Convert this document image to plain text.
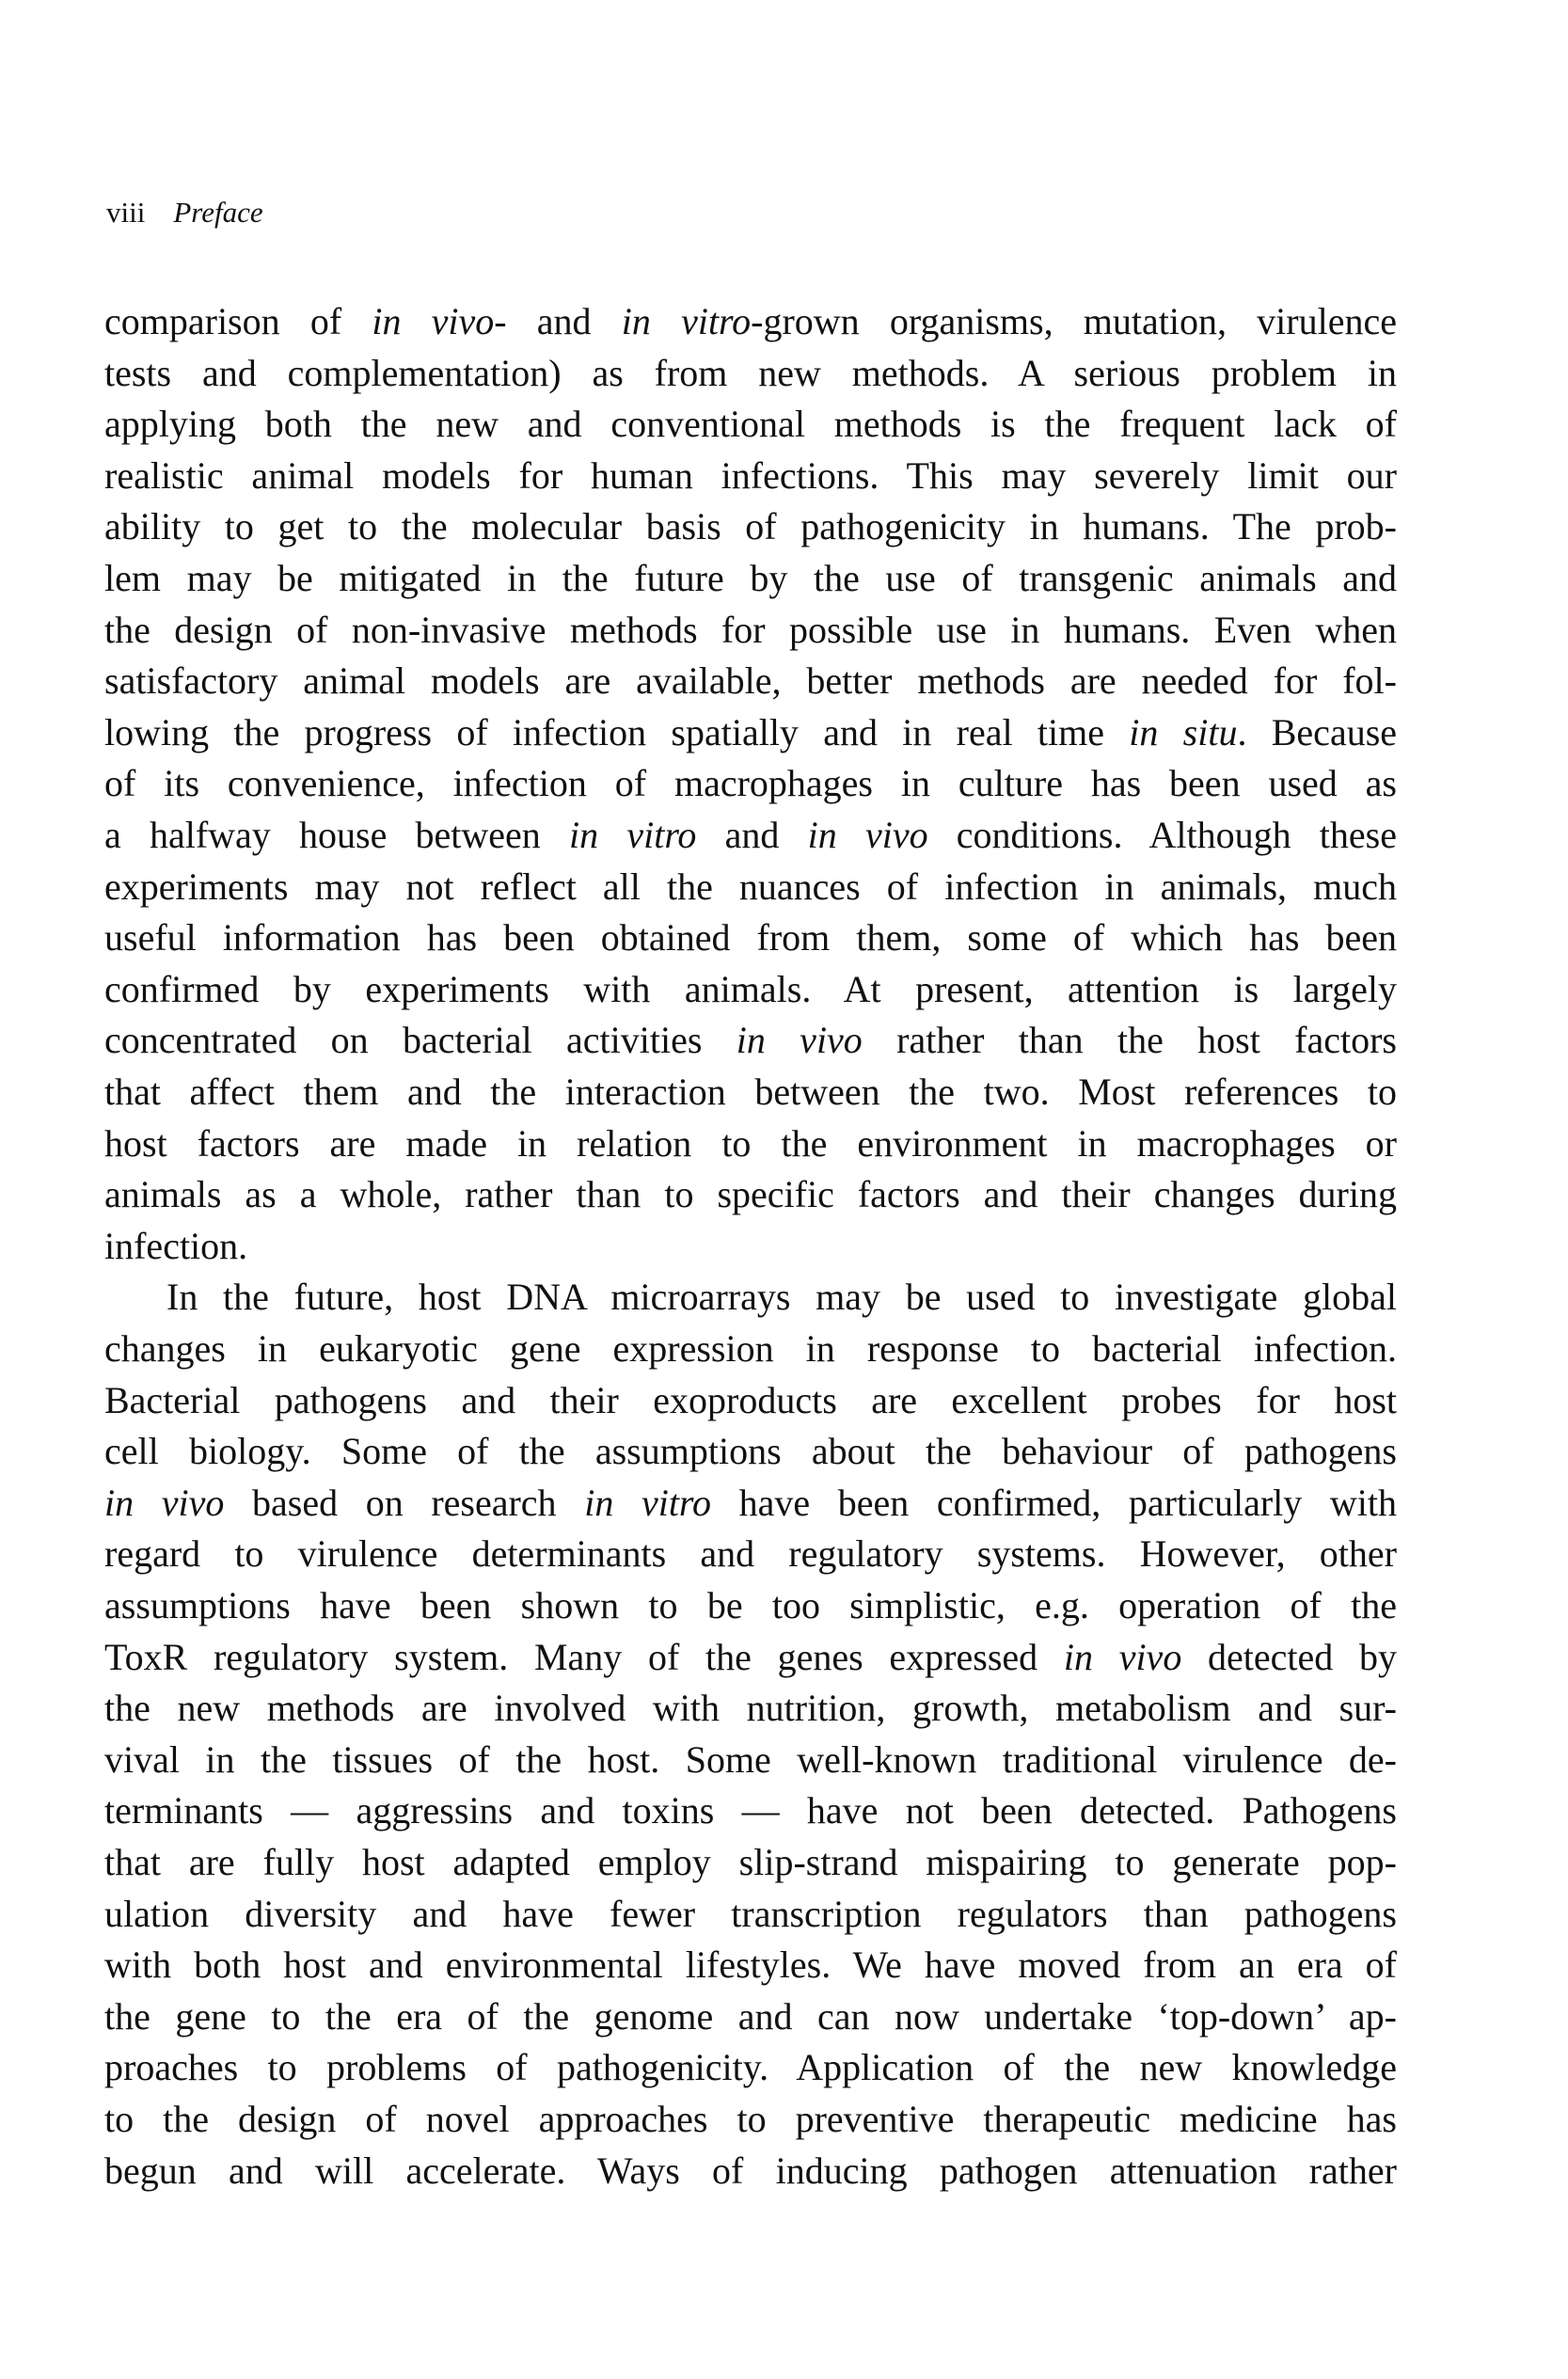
viii Preface
comparison of in vivo- and in vitro-grown organisms, mutation, virulence
tests and complementation) as from new methods. A serious problem in
applying both the new and conventional methods is the frequent lack of
realistic animal models for human infections. This may severely limit our
ability to get to the molecular basis of pathogenicity in humans. The prob-
lem may be mitigated in the future by the use of transgenic animals and
the design of non-invasive methods for possible use in humans. Even when
satisfactory animal models are available, better methods are needed for fol-
lowing the progress of infection spatially and in real time in situ. Because
of its convenience, infection of macrophages in culture has been used as
a halfway house between in vitro and in vivo conditions. Although these
experiments may not reflect all the nuances of infection in animals, much
useful information has been obtained from them, some of which has been
confirmed by experiments with animals. At present, attention is largely
concentrated on bacterial activities in vivo rather than the host factors
that affect them and the interaction between the two. Most references to
host factors are made in relation to the environment in macrophages or
animals as a whole, rather than to specific factors and their changes during
infection.
In the future, host DNA microarrays may be used to investigate global
changes in eukaryotic gene expression in response to bacterial infection.
Bacterial pathogens and their exoproducts are excellent probes for host
cell biology. Some of the assumptions about the behaviour of pathogens
in vivo based on research in vitro have been confirmed, particularly with
regard to virulence determinants and regulatory systems. However, other
assumptions have been shown to be too simplistic, e.g. operation of the
ToxR regulatory system. Many of the genes expressed in vivo detected by
the new methods are involved with nutrition, growth, metabolism and sur-
vival in the tissues of the host. Some well-known traditional virulence de-
terminants — aggressins and toxins — have not been detected. Pathogens
that are fully host adapted employ slip-strand mispairing to generate pop-
ulation diversity and have fewer transcription regulators than pathogens
with both host and environmental lifestyles. We have moved from an era of
the gene to the era of the genome and can now undertake ‘top-down’ ap-
proaches to problems of pathogenicity. Application of the new knowledge
to the design of novel approaches to preventive therapeutic medicine has
begun and will accelerate. Ways of inducing pathogen attenuation rather
